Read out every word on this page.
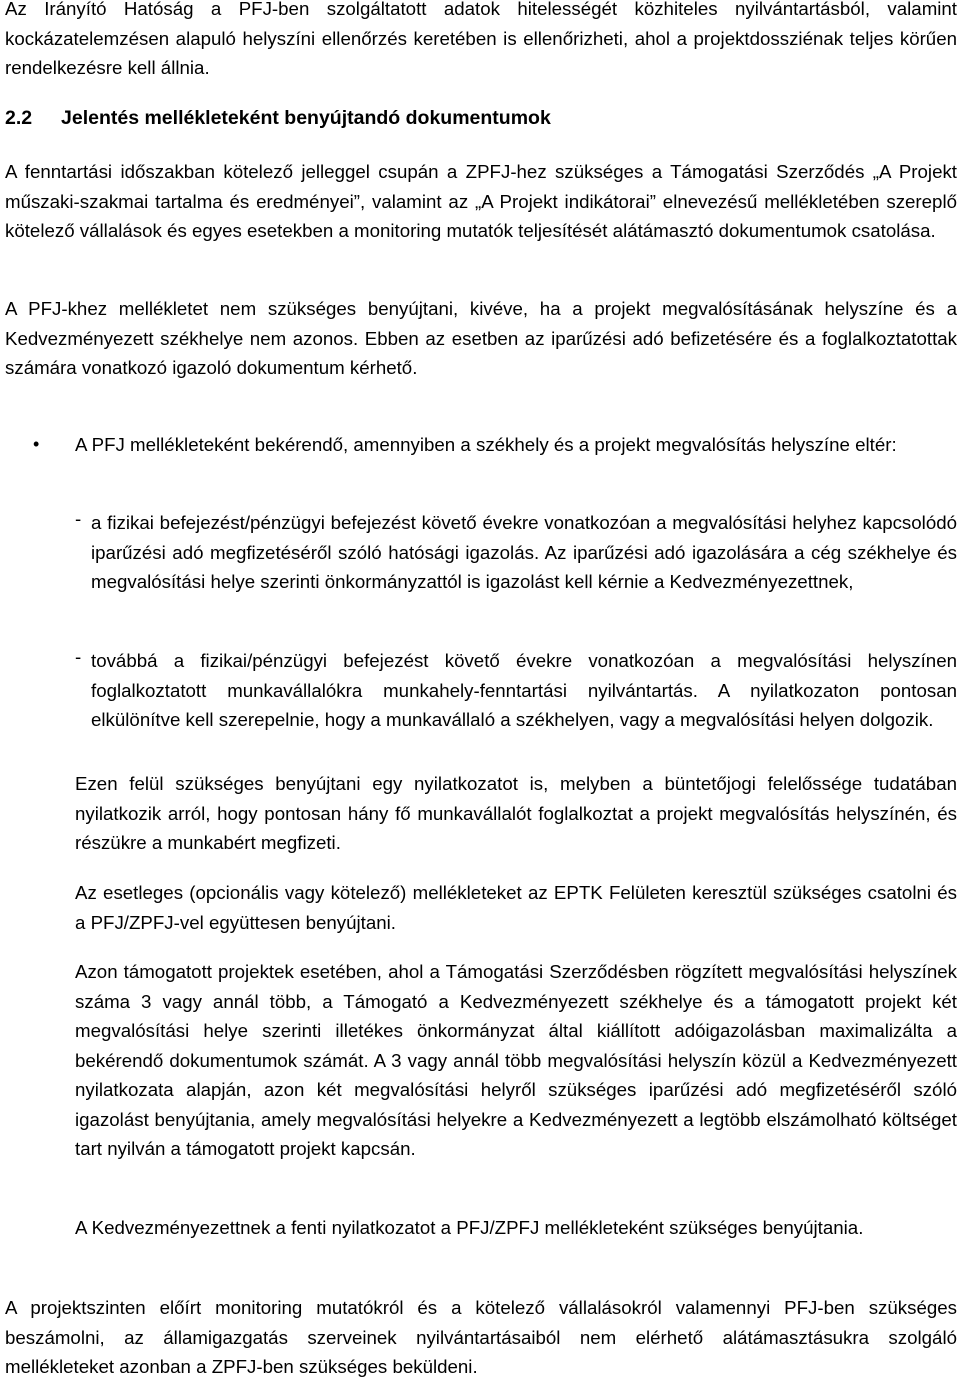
Az Irányító Hatóság a PFJ-ben szolgáltatott adatok hitelességét közhiteles nyilvántartásból, valamint kockázatelemzésen alapuló helyszíni ellenőrzés keretében is ellenőrizheti, ahol a projektdossziénak teljes körűen rendelkezésre kell állnia.

2.2 Jelentés mellékleteként benyújtandó dokumentumok

A fenntartási időszakban kötelező jelleggel csupán a ZPFJ-hez szükséges a Támogatási Szerződés „A Projekt műszaki-szakmai tartalma és eredményei”, valamint az „A Projekt indikátorai” elnevezésű mellékletében szereplő kötelező vállalások és egyes esetekben a monitoring mutatók teljesítését alátámasztó dokumentumok csatolása.

A PFJ-khez mellékletet nem szükséges benyújtani, kivéve, ha a projekt megvalósításának helyszíne és a Kedvezményezett székhelye nem azonos. Ebben az esetben az iparűzési adó befizetésére és a foglalkoztatottak számára vonatkozó igazoló dokumentum kérhető.

• A PFJ mellékleteként bekérendő, amennyiben a székhely és a projekt megvalósítás helyszíne eltér:

- a fizikai befejezést/pénzügyi befejezést követő évekre vonatkozóan a megvalósítási helyhez kapcsolódó iparűzési adó megfizetéséről szóló hatósági igazolás. Az iparűzési adó igazolására a cég székhelye és megvalósítási helye szerinti önkormányzattól is igazolást kell kérnie a Kedvezményezettnek,

- továbbá a fizikai/pénzügyi befejezést követő évekre vonatkozóan a megvalósítási helyszínen foglalkoztatott munkavállalókra munkahely-fenntartási nyilvántartás. A nyilatkozaton pontosan elkülönítve kell szerepelnie, hogy a munkavállaló a székhelyen, vagy a megvalósítási helyen dolgozik.

Ezen felül szükséges benyújtani egy nyilatkozatot is, melyben a büntetőjogi felelőssége tudatában nyilatkozik arról, hogy pontosan hány fő munkavállalót foglalkoztat a projekt megvalósítás helyszínén, és részükre a munkabért megfizeti.

Az esetleges (opcionális vagy kötelező) mellékleteket az EPTK Felületen keresztül szükséges csatolni és a PFJ/ZPFJ-vel együttesen benyújtani.

Azon támogatott projektek esetében, ahol a Támogatási Szerződésben rögzített megvalósítási helyszínek száma 3 vagy annál több, a Támogató a Kedvezményezett székhelye és a támogatott projekt két megvalósítási helye szerinti illetékes önkormányzat által kiállított adóigazolásban maximalizálta a bekérendő dokumentumok számát. A 3 vagy annál több megvalósítási helyszín közül a Kedvezményezett nyilatkozata alapján, azon két megvalósítási helyről szükséges iparűzési adó megfizetéséről szóló igazolást benyújtania, amely megvalósítási helyekre a Kedvezményezett a legtöbb elszámolható költséget tart nyilván a támogatott projekt kapcsán.

A Kedvezményezettnek a fenti nyilatkozatot a PFJ/ZPFJ mellékleteként szükséges benyújtania.

A projektszinten előírt monitoring mutatókról és a kötelező vállalásokról valamennyi PFJ-ben szükséges beszámolni, az államigazgatás szerveinek nyilvántartásaiból nem elérhető alátámasztásukra szolgáló mellékleteket azonban a ZPFJ-ben szükséges beküldeni.
